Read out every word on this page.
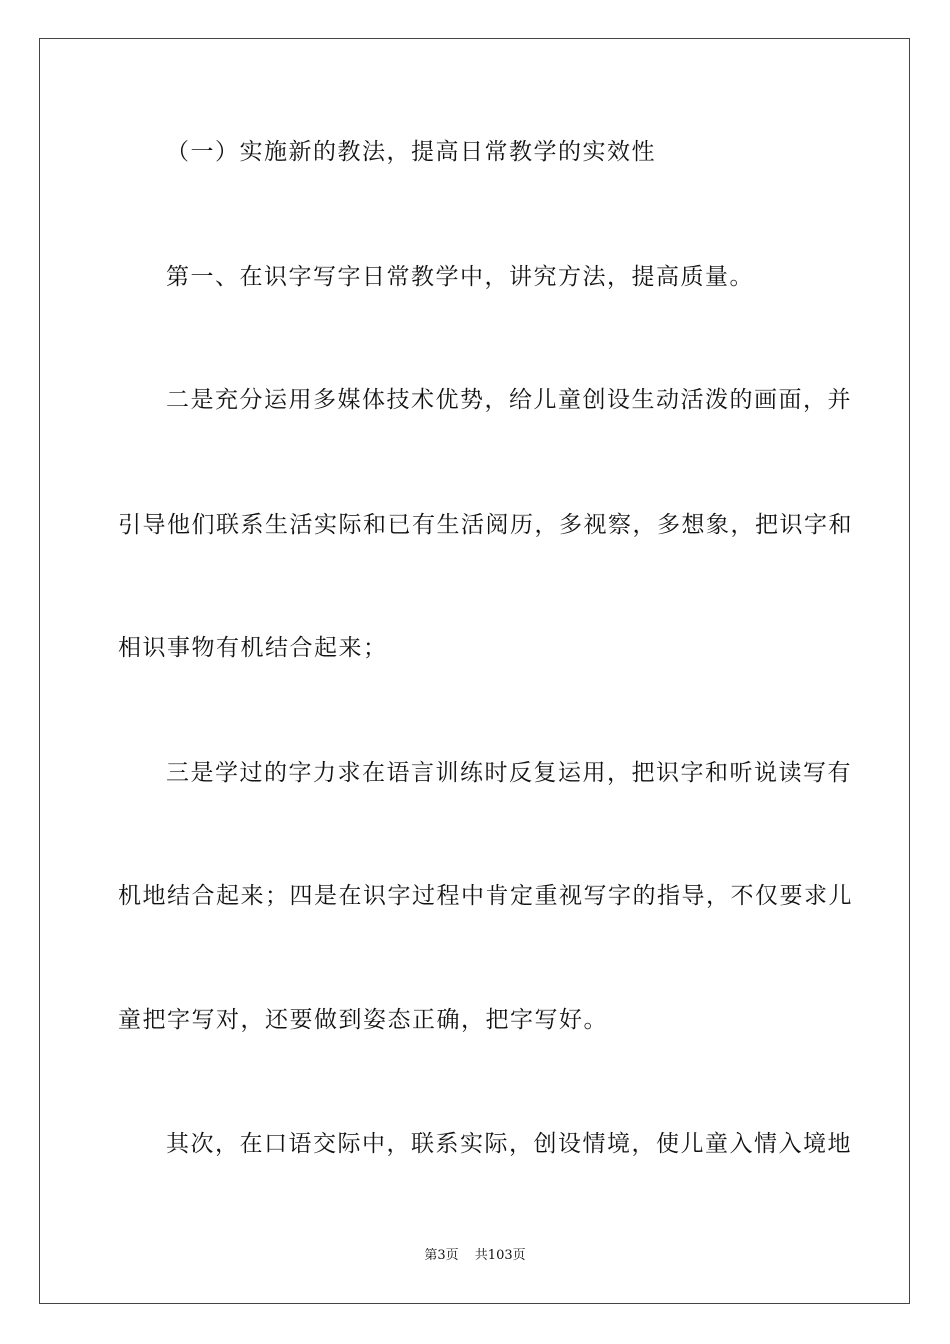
（一）实施新的教法，提高日常教学的实效性
第一、在识字写字日常教学中，讲究方法，提高质量。
二是充分运用多媒体技术优势，给儿童创设生动活泼的画面，并
引导他们联系生活实际和已有生活阅历，多视察，多想象，把识字和
相识事物有机结合起来；
三是学过的字力求在语言训练时反复运用，把识字和听说读写有
机地结合起来；四是在识字过程中肯定重视写字的指导，不仅要求儿
童把字写对，还要做到姿态正确，把字写好。
其次，在口语交际中，联系实际，创设情境，使儿童入情入境地
第3页 共103页
